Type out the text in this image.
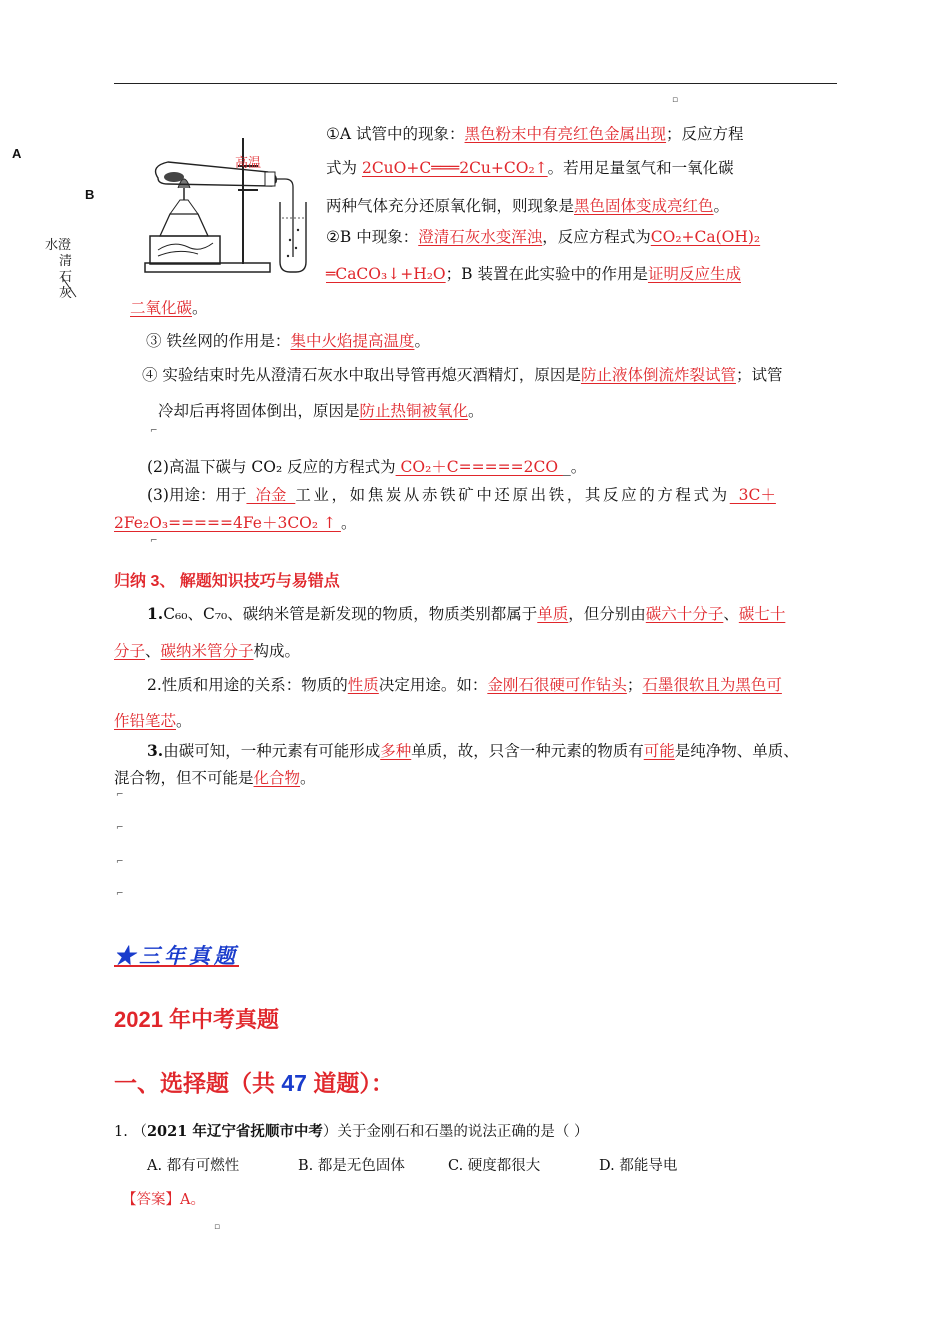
▫
A
B
水澄
清
石
灰
高温
①A 试管中的现象：黑色粉末中有亮红色金属出现；反应方程
式为 2CuO+C═══2Cu+CO₂↑。若用足量氢气和一氧化碳
两种气体充分还原氧化铜，则现象是黑色固体变成亮红色。
②B 中现象：澄清石灰水变浑浊，反应方程式为CO₂+Ca(OH)₂
═CaCO₃↓+H₂O；B 装置在此实验中的作用是证明反应生成
二氧化碳。
③ 铁丝网的作用是：集中火焰提高温度。
④ 实验结束时先从澄清石灰水中取出导管再熄灭酒精灯，原因是防止液体倒流炸裂试管；试管
冷却后再将固体倒出，原因是防止热铜被氧化。
⌐
(2)高温下碳与 CO₂ 反应的方程式为 CO₂＋C=====2CO _。
(3)用途：用于 冶金 工业，如焦炭从赤铁矿中还原出铁，其反应的方程式为 3C＋
2Fe₂O₃=====4Fe＋3CO₂ ↑ 。
⌐
归纳 3、 解题知识技巧与易错点
1.C₆₀、C₇₀、碳纳米管是新发现的物质，物质类别都属于单质，但分别由碳六十分子、碳七十
分子、碳纳米管分子构成。
2.性质和用途的关系：物质的性质决定用途。如：金刚石很硬可作钻头；石墨很软且为黑色可
作铅笔芯。
3.由碳可知，一种元素有可能形成多种单质，故，只含一种元素的物质有可能是纯净物、单质、
混合物，但不可能是化合物。
⌐
⌐
⌐
⌐
★三年真题
2021 年中考真题
一、选择题（共 47 道题）：
1. （2021 年辽宁省抚顺市中考）关于金刚石和石墨的说法正确的是（ ）
A. 都有可燃性	B. 都是无色固体	C. 硬度都很大	D. 都能导电
【答案】A。
▫
